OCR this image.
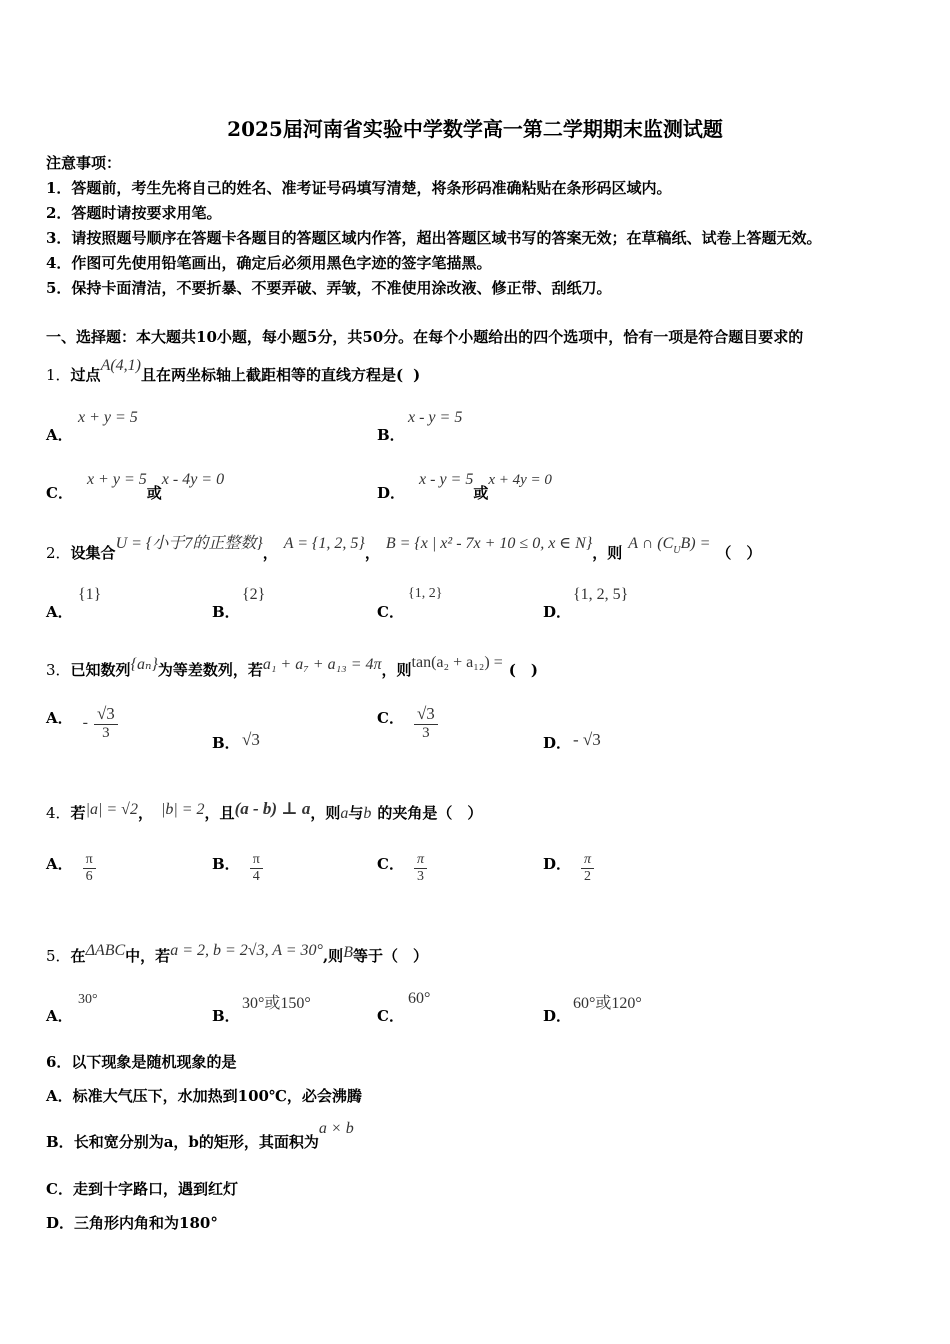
2025届河南省实验中学数学高一第二学期期末监测试题
注意事项：
1．答题前，考生先将自己的姓名、准考证号码填写清楚，将条形码准确粘贴在条形码区域内。
2．答题时请按要求用笔。
3．请按照题号顺序在答题卡各题目的答题区域内作答，超出答题区域书写的答案无效；在草稿纸、试卷上答题无效。
4．作图可先使用铅笔画出，确定后必须用黑色字迹的签字笔描黑。
5．保持卡面清洁，不要折暴、不要弄破、弄皱，不准使用涂改液、修正带、刮纸刀。
一、选择题：本大题共10小题，每小题5分，共50分。在每个小题给出的四个选项中，恰有一项是符合题目要求的
1．过点A(4,1)且在两坐标轴上截距相等的直线方程是( )
A．
x + y = 5
B．
x - y = 5
C．x + y = 5或x - 4y = 0
D．x - y = 5或x + 4y = 0
2．设集合U = {小于7的正整数}，A = {1, 2, 5}，B = {x | x² - 7x + 10 ≤ 0, x ∈ N}，则A ∩ $(C^UB)$ =（　）
A．
{1}
B．
{2}
C．
{1, 2}
D．
{1, 2, 5}
3．已知数列{aₙ}为等差数列，若a₁ + a₇ + a₁₃ = 4π，则tan(a₂ + a₁₂) = (　)
A． - $\frac{√3}{3}$
B． √3
C． $\frac{√3}{3}$
D． - √3
4．若|a| = √2， |b| = 2，且(a - b) ⊥ a，则a与b 的夹角是（　）
A． $\frac{\pi}{6}$	B． $\frac{\pi}{4}$	C． $\frac{\pi}{3}$	D． $\frac{\pi}{2}$
5．在ΔABC中，若a = 2, b = 2√3, A = 30°,则B等于（　）
A．
30°
B．
30°或150°
C．
60°
D．
60°或120°
6．以下现象是随机现象的是
A．标准大气压下，水加热到100℃，必会沸腾
B．长和宽分别为a，b的矩形，其面积为a × b
C．走到十字路口，遇到红灯
D．三角形内角和为180°
